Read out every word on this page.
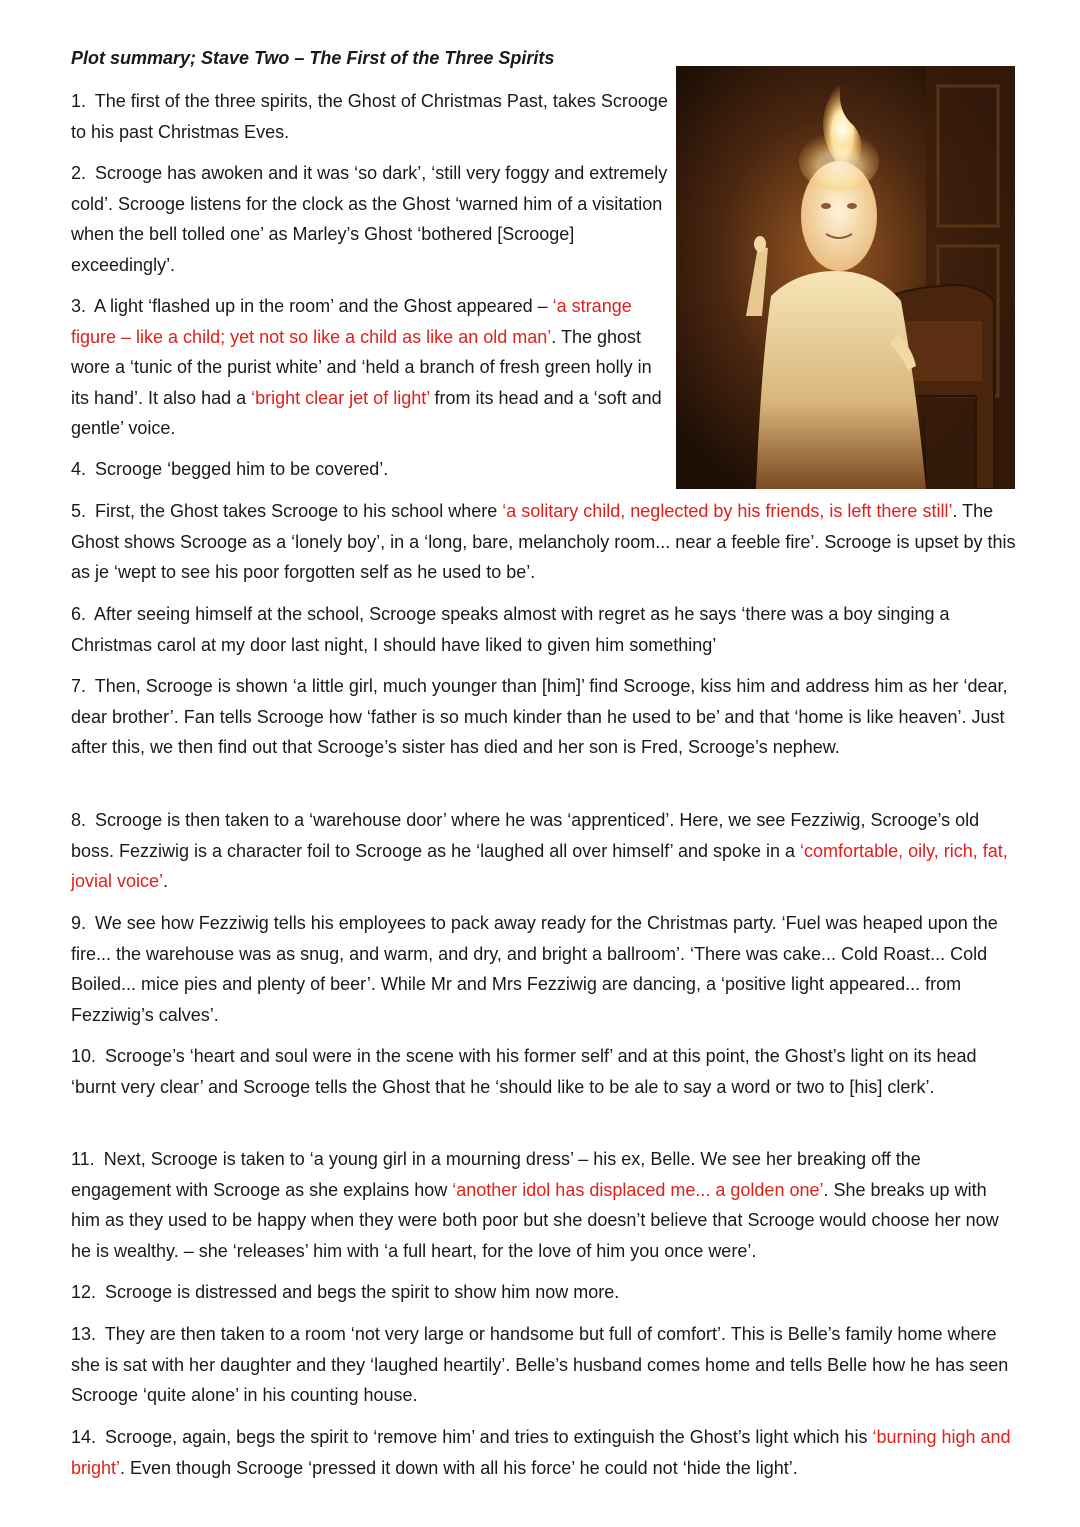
Plot summary; Stave Two – The First of the Three Spirits

1. The first of the three spirits, the Ghost of Christmas Past, takes Scrooge to his past Christmas Eves.

2. Scrooge has awoken and it was ‘so dark’, ‘still very foggy and extremely cold’. Scrooge listens for the clock as the Ghost ‘warned him of a visitation when the bell tolled one’ as Marley’s Ghost ‘bothered [Scrooge] exceedingly’.

3. A light ‘flashed up in the room’ and the Ghost appeared – ‘a strange figure – like a child; yet not so like a child as like an old man’. The ghost wore a ‘tunic of the purist white’ and ‘held a branch of fresh green holly in its hand’. It also had a ‘bright clear jet of light’ from its head and a ‘soft and gentle’ voice.

4. Scrooge ‘begged him to be covered’.

5. First, the Ghost takes Scrooge to his school where ‘a solitary child, neglected by his friends, is left there still’. The Ghost shows Scrooge as a ‘lonely boy’, in a ‘long, bare, melancholy room... near a feeble fire’. Scrooge is upset by this as je ‘wept to see his poor forgotten self as he used to be’.

6. After seeing himself at the school, Scrooge speaks almost with regret as he says ‘there was a boy singing a Christmas carol at my door last night, I should have liked to given him something’

7. Then, Scrooge is shown ‘a little girl, much younger than [him]’ find Scrooge, kiss him and address him as her ‘dear, dear brother’. Fan tells Scrooge how ‘father is so much kinder than he used to be’ and that ‘home is like heaven’. Just after this, we then find out that Scrooge’s sister has died and her son is Fred, Scrooge’s nephew.

8. Scrooge is then taken to a ‘warehouse door’ where he was ‘apprenticed’. Here, we see Fezziwig, Scrooge’s old boss. Fezziwig is a character foil to Scrooge as he ‘laughed all over himself’ and spoke in a ‘comfortable, oily, rich, fat, jovial voice’.

9. We see how Fezziwig tells his employees to pack away ready for the Christmas party. ‘Fuel was heaped upon the fire... the warehouse was as snug, and warm, and dry, and bright a ballroom’. ‘There was cake... Cold Roast... Cold Boiled... mice pies and plenty of beer’. While Mr and Mrs Fezziwig are dancing, a ‘positive light appeared... from Fezziwig’s calves’.

10. Scrooge’s ‘heart and soul were in the scene with his former self’ and at this point, the Ghost’s light on its head ‘burnt very clear’ and Scrooge tells the Ghost that he ‘should like to be ale to say a word or two to [his] clerk’.

11. Next, Scrooge is taken to ‘a young girl in a mourning dress’ – his ex, Belle. We see her breaking off the engagement with Scrooge as she explains how ‘another idol has displaced me... a golden one’. She breaks up with him as they used to be happy when they were both poor but she doesn’t believe that Scrooge would choose her now he is wealthy. – she ‘releases’ him with ‘a full heart, for the love of him you once were’.

12. Scrooge is distressed and begs the spirit to show him now more.

13. They are then taken to a room ‘not very large or handsome but full of comfort’. This is Belle’s family home where she is sat with her daughter and they ‘laughed heartily’. Belle’s husband comes home and tells Belle how he has seen Scrooge ‘quite alone’ in his counting house.

14. Scrooge, again, begs the spirit to ‘remove him’ and tries to extinguish the Ghost’s light which his ‘burning high and bright’. Even though Scrooge ‘pressed it down with all his force’ he could not ‘hide the light’.
